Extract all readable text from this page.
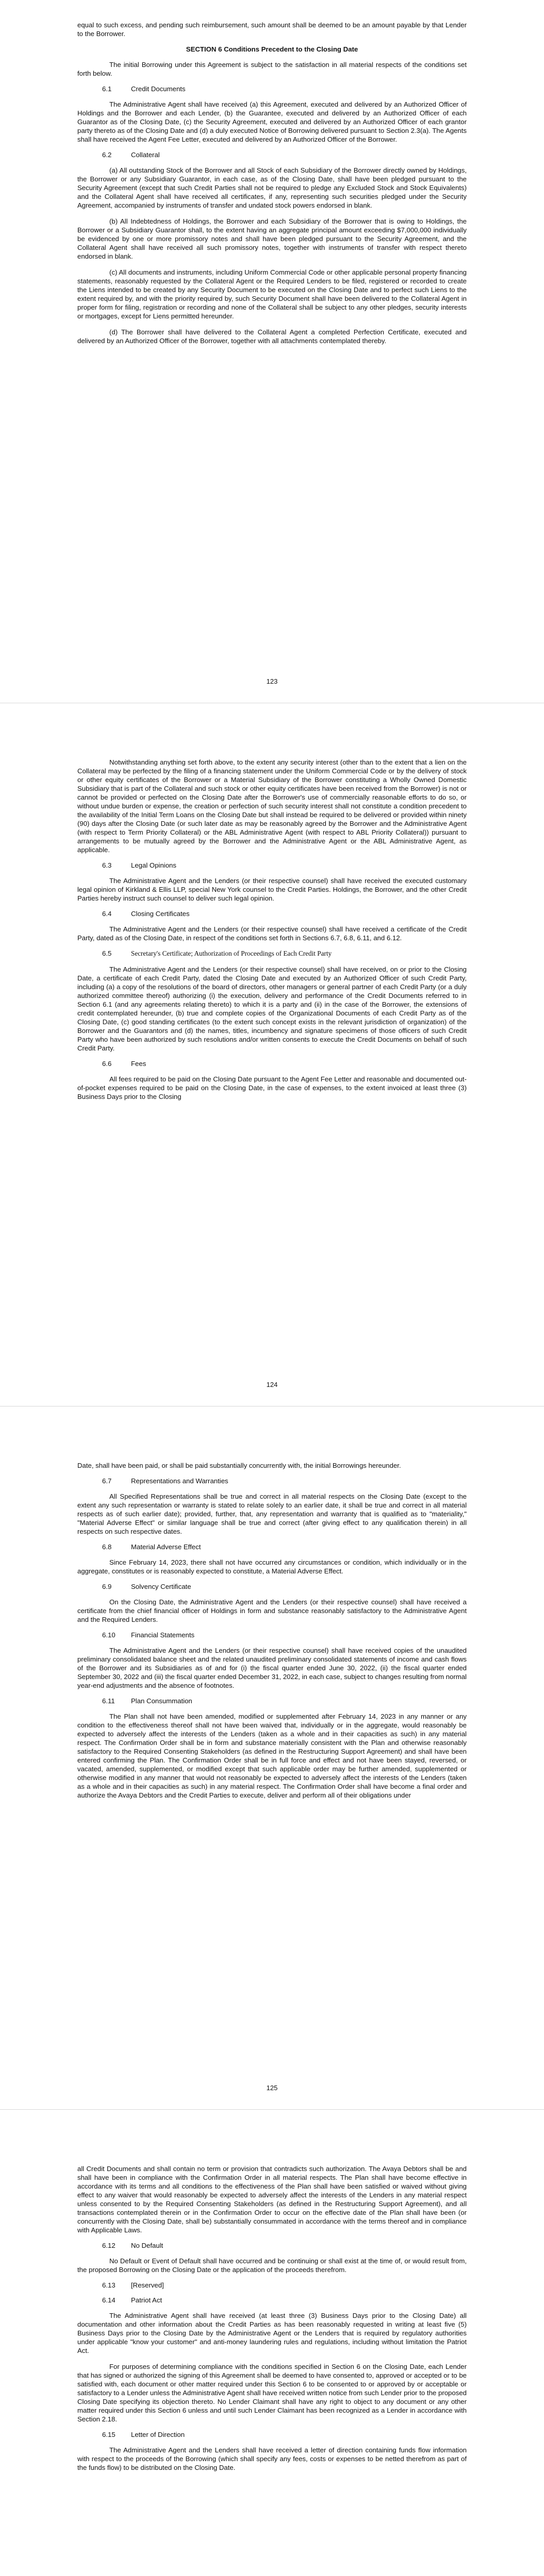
equal to such excess, and pending such reimbursement, such amount shall be deemed to be an amount payable by that Lender to the Borrower.

SECTION 6 Conditions Precedent to the Closing Date

The initial Borrowing under this Agreement is subject to the satisfaction in all material respects of the conditions set forth below.

6.1	Credit Documents

The Administrative Agent shall have received (a) this Agreement, executed and delivered by an Authorized Officer of Holdings and the Borrower and each Lender, (b) the Guarantee, executed and delivered by an Authorized Officer of each Guarantor as of the Closing Date, (c) the Security Agreement, executed and delivered by an Authorized Officer of each grantor party thereto as of the Closing Date and (d) a duly executed Notice of Borrowing delivered pursuant to Section 2.3(a). The Agents shall have received the Agent Fee Letter, executed and delivered by an Authorized Officer of the Borrower.

6.2	Collateral

(a) All outstanding Stock of the Borrower and all Stock of each Subsidiary of the Borrower directly owned by Holdings, the Borrower or any Subsidiary Guarantor, in each case, as of the Closing Date, shall have been pledged pursuant to the Security Agreement (except that such Credit Parties shall not be required to pledge any Excluded Stock and Stock Equivalents) and the Collateral Agent shall have received all certificates, if any, representing such securities pledged under the Security Agreement, accompanied by instruments of transfer and undated stock powers endorsed in blank.

(b) All Indebtedness of Holdings, the Borrower and each Subsidiary of the Borrower that is owing to Holdings, the Borrower or a Subsidiary Guarantor shall, to the extent having an aggregate principal amount exceeding $7,000,000 individually be evidenced by one or more promissory notes and shall have been pledged pursuant to the Security Agreement, and the Collateral Agent shall have received all such promissory notes, together with instruments of transfer with respect thereto endorsed in blank.

(c) All documents and instruments, including Uniform Commercial Code or other applicable personal property financing statements, reasonably requested by the Collateral Agent or the Required Lenders to be filed, registered or recorded to create the Liens intended to be created by any Security Document to be executed on the Closing Date and to perfect such Liens to the extent required by, and with the priority required by, such Security Document shall have been delivered to the Collateral Agent in proper form for filing, registration or recording and none of the Collateral shall be subject to any other pledges, security interests or mortgages, except for Liens permitted hereunder.

(d) The Borrower shall have delivered to the Collateral Agent a completed Perfection Certificate, executed and delivered by an Authorized Officer of the Borrower, together with all attachments contemplated thereby.

123

Notwithstanding anything set forth above, to the extent any security interest (other than to the extent that a lien on the Collateral may be perfected by the filing of a financing statement under the Uniform Commercial Code or by the delivery of stock or other equity certificates of the Borrower or a Material Subsidiary of the Borrower constituting a Wholly Owned Domestic Subsidiary that is part of the Collateral and such stock or other equity certificates have been received from the Borrower) is not or cannot be provided or perfected on the Closing Date after the Borrower's use of commercially reasonable efforts to do so, or without undue burden or expense, the creation or perfection of such security interest shall not constitute a condition precedent to the availability of the Initial Term Loans on the Closing Date but shall instead be required to be delivered or provided within ninety (90) days after the Closing Date (or such later date as may be reasonably agreed by the Borrower and the Administrative Agent (with respect to Term Priority Collateral) or the ABL Administrative Agent (with respect to ABL Priority Collateral)) pursuant to arrangements to be mutually agreed by the Borrower and the Administrative Agent or the ABL Administrative Agent, as applicable.

6.3	Legal Opinions

The Administrative Agent and the Lenders (or their respective counsel) shall have received the executed customary legal opinion of Kirkland & Ellis LLP, special New York counsel to the Credit Parties. Holdings, the Borrower, and the other Credit Parties hereby instruct such counsel to deliver such legal opinion.

6.4	Closing Certificates

The Administrative Agent and the Lenders (or their respective counsel) shall have received a certificate of the Credit Party, dated as of the Closing Date, in respect of the conditions set forth in Sections 6.7, 6.8, 6.11, and 6.12.

6.5	Secretary's Certificate; Authorization of Proceedings of Each Credit Party

The Administrative Agent and the Lenders (or their respective counsel) shall have received, on or prior to the Closing Date, a certificate of each Credit Party, dated the Closing Date and executed by an Authorized Officer of such Credit Party, including (a) a copy of the resolutions of the board of directors, other managers or general partner of each Credit Party (or a duly authorized committee thereof) authorizing (i) the execution, delivery and performance of the Credit Documents referred to in Section 6.1 (and any agreements relating thereto) to which it is a party and (ii) in the case of the Borrower, the extensions of credit contemplated hereunder, (b) true and complete copies of the Organizational Documents of each Credit Party as of the Closing Date, (c) good standing certificates (to the extent such concept exists in the relevant jurisdiction of organization) of the Borrower and the Guarantors and (d) the names, titles, incumbency and signature specimens of those officers of such Credit Party who have been authorized by such resolutions and/or written consents to execute the Credit Documents on behalf of such Credit Party.

6.6	Fees

All fees required to be paid on the Closing Date pursuant to the Agent Fee Letter and reasonable and documented out-of-pocket expenses required to be paid on the Closing Date, in the case of expenses, to the extent invoiced at least three (3) Business Days prior to the Closing

124

Date, shall have been paid, or shall be paid substantially concurrently with, the initial Borrowings hereunder.

6.7	Representations and Warranties

All Specified Representations shall be true and correct in all material respects on the Closing Date (except to the extent any such representation or warranty is stated to relate solely to an earlier date, it shall be true and correct in all material respects as of such earlier date); provided, further, that, any representation and warranty that is qualified as to "materiality," "Material Adverse Effect" or similar language shall be true and correct (after giving effect to any qualification therein) in all respects on such respective dates.

6.8	Material Adverse Effect

Since February 14, 2023, there shall not have occurred any circumstances or condition, which individually or in the aggregate, constitutes or is reasonably expected to constitute, a Material Adverse Effect.

6.9	Solvency Certificate

On the Closing Date, the Administrative Agent and the Lenders (or their respective counsel) shall have received a certificate from the chief financial officer of Holdings in form and substance reasonably satisfactory to the Administrative Agent and the Required Lenders.

6.10 Financial Statements

The Administrative Agent and the Lenders (or their respective counsel) shall have received copies of the unaudited preliminary consolidated balance sheet and the related unaudited preliminary consolidated statements of income and cash flows of the Borrower and its Subsidiaries as of and for (i) the fiscal quarter ended June 30, 2022, (ii) the fiscal quarter ended September 30, 2022 and (iii) the fiscal quarter ended December 31, 2022, in each case, subject to changes resulting from normal year-end adjustments and the absence of footnotes.

6.11 Plan Consummation

The Plan shall not have been amended, modified or supplemented after February 14, 2023 in any manner or any condition to the effectiveness thereof shall not have been waived that, individually or in the aggregate, would reasonably be expected to adversely affect the interests of the Lenders (taken as a whole and in their capacities as such) in any material respect. The Confirmation Order shall be in form and substance materially consistent with the Plan and otherwise reasonably satisfactory to the Required Consenting Stakeholders (as defined in the Restructuring Support Agreement) and shall have been entered confirming the Plan. The Confirmation Order shall be in full force and effect and not have been stayed, reversed, or vacated, amended, supplemented, or modified except that such applicable order may be further amended, supplemented or otherwise modified in any manner that would not reasonably be expected to adversely affect the interests of the Lenders (taken as a whole and in their capacities as such) in any material respect. The Confirmation Order shall have become a final order and authorize the Avaya Debtors and the Credit Parties to execute, deliver and perform all of their obligations under

125

all Credit Documents and shall contain no term or provision that contradicts such authorization. The Avaya Debtors shall be and shall have been in compliance with the Confirmation Order in all material respects. The Plan shall have become effective in accordance with its terms and all conditions to the effectiveness of the Plan shall have been satisfied or waived without giving effect to any waiver that would reasonably be expected to adversely affect the interests of the Lenders in any material respect unless consented to by the Required Consenting Stakeholders (as defined in the Restructuring Support Agreement), and all transactions contemplated therein or in the Confirmation Order to occur on the effective date of the Plan shall have been (or concurrently with the Closing Date, shall be) substantially consummated in accordance with the terms thereof and in compliance with Applicable Laws.

6.12 No Default

No Default or Event of Default shall have occurred and be continuing or shall exist at the time of, or would result from, the proposed Borrowing on the Closing Date or the application of the proceeds therefrom.

6.13 [Reserved]
6.14 Patriot Act

The Administrative Agent shall have received (at least three (3) Business Days prior to the Closing Date) all documentation and other information about the Credit Parties as has been reasonably requested in writing at least five (5) Business Days prior to the Closing Date by the Administrative Agent or the Lenders that is required by regulatory authorities under applicable "know your customer" and anti-money laundering rules and regulations, including without limitation the Patriot Act.

For purposes of determining compliance with the conditions specified in Section 6 on the Closing Date, each Lender that has signed or authorized the signing of this Agreement shall be deemed to have consented to, approved or accepted or to be satisfied with, each document or other matter required under this Section 6 to be consented to or approved by or acceptable or satisfactory to a Lender unless the Administrative Agent shall have received written notice from such Lender prior to the proposed Closing Date specifying its objection thereto. No Lender Claimant shall have any right to object to any document or any other matter required under this Section 6 unless and until such Lender Claimant has been recognized as a Lender in accordance with Section 2.18.

6.15 Letter of Direction

The Administrative Agent and the Lenders shall have received a letter of direction containing funds flow information with respect to the proceeds of the Borrowing (which shall specify any fees, costs or expenses to be netted therefrom as part of the funds flow) to be distributed on the Closing Date.
